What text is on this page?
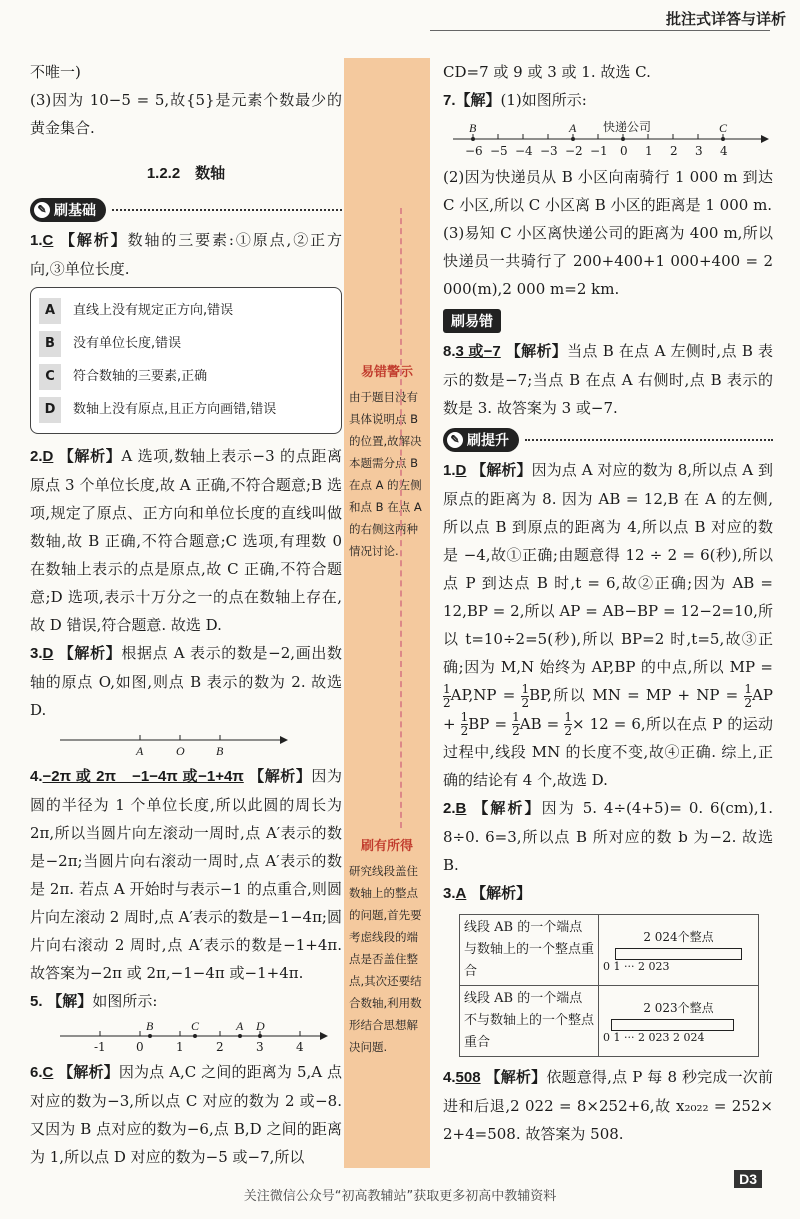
批注式详答与详析

不唯一)

(3)因为 10−5 = 5,故{5}是元素个数最少的黄金集合.

1.2.2　数轴
✎ 刷基础

1.C 【解析】数轴的三要素:①原点,②正方向,③单位长度.

A	直线上没有规定正方向,错误
B	没有单位长度,错误
C	符合数轴的三要素,正确
D	数轴上没有原点,且正方向画错,错误

2.D 【解析】A 选项,数轴上表示−3 的点距离原点 3 个单位长度,故 A 正确,不符合题意;B 选项,规定了原点、正方向和单位长度的直线叫做数轴,故 B 正确,不符合题意;C 选项,有理数 0 在数轴上表示的点是原点,故 C 正确,不符合题意;D 选项,表示十万分之一的点在数轴上存在,故 D 错误,符合题意. 故选 D.

3.D 【解析】根据点 A 表示的数是−2,画出数轴的原点 O,如图,则点 B 表示的数为 2. 故选 D.

A	O	B

4.−2π 或 2π　−1−4π 或−1+4π 【解析】因为圆的半径为 1 个单位长度,所以此圆的周长为 2π,所以当圆片向左滚动一周时,点 A′表示的数是−2π;当圆片向右滚动一周时,点 A′表示的数是 2π. 若点 A 开始时与表示−1 的点重合,则圆片向左滚动 2 周时,点 A′表示的数是−1−4π;圆片向右滚动 2 周时,点 A′表示的数是−1+4π. 故答案为−2π 或 2π,−1−4π 或−1+4π.

5. 【解】如图所示:

B	C	A D
-1	0	1	2	3	4

6.C 【解析】因为点 A,C 之间的距离为 5,A 点对应的数为−3,所以点 C 对应的数为 2 或−8. 又因为 B 点对应的数为−6,点 B,D 之间的距离为 1,所以点 D 对应的数为−5 或−7,所以

易错警示

由于题目没有具体说明点 B 的位置,故解决本题需分点 B 在点 A 的左侧和点 B 在点 A 的右侧这两种情况讨论.

刷有所得

研究线段盖住数轴上的整点的问题,首先要考虑线段的端点是否盖住整点,其次还要结合数轴,利用数形结合思想解决问题.

CD=7 或 9 或 3 或 1. 故选 C.

7.【解】(1)如图所示:

B	A 快递公司	C
−6 −5 −4 −3 −2 −1 0 1 2 3 4

(2)因为快递员从 B 小区向南骑行 1 000 m 到达 C 小区,所以 C 小区离 B 小区的距离是 1 000 m.

(3)易知 C 小区离快递公司的距离为 400 m,所以快递员一共骑行了 200+400+1 000+400 = 2 000(m),2 000 m=2 km.

刷易错

8.3 或−7 【解析】当点 B 在点 A 左侧时,点 B 表示的数是−7;当点 B 在点 A 右侧时,点 B 表示的数是 3. 故答案为 3 或−7.

✎ 刷提升

1.D 【解析】因为点 A 对应的数为 8,所以点 A 到原点的距离为 8. 因为 AB = 12,B 在 A 的左侧,所以点 B 到原点的距离为 4,所以点 B 对应的数是 −4,故①正确;由题意得 12 ÷ 2 = 6(秒),所以点 P 到达点 B 时,t = 6,故②正确;因为 AB = 12,BP = 2,所以 AP = AB−BP = 12−2=10,所以 t=10÷2=5(秒),所以 BP=2 时,t=5,故③正确;因为 M,N 始终为 AP,BP 的中点,所以 MP =
$\frac{1}{2} AP,NP = \frac{1}{2}$ BP,所以 MN = MP + NP = $\frac{1}{2}$ AP + $\frac{1}{2}$ BP = $\frac{1}{2}$ AB = $\frac{1}{2} \times 12 = 6$,所以在点 P 的运动过程中,线段 MN 的长度不变,故④正确. 综上,正确的结论有 4 个,故选 D.

2.B 【解析】因为 5. 4÷(4+5)= 0. 6(cm),1. 8÷0. 6=3,所以点 B 所对应的数 b 为−2. 故选 B.

3.A 【解析】

线段 AB 的一个端点与数轴上的一个整点重合	2 024个整点
0 1 ··· 2 023

线段 AB 的一个端点不与数轴上的一个整点重合	2 023个整点
0 1 ··· 2 023 2 024

4.508 【解析】依题意得,点 P 每 8 秒完成一次前进和后退,2 022 = 8×252+6,故 x₂₀₂₂ = 252× 2+4=508. 故答案为 508.

D3
关注微信公众号“初高教辅站”获取更多初高中教辅资料
